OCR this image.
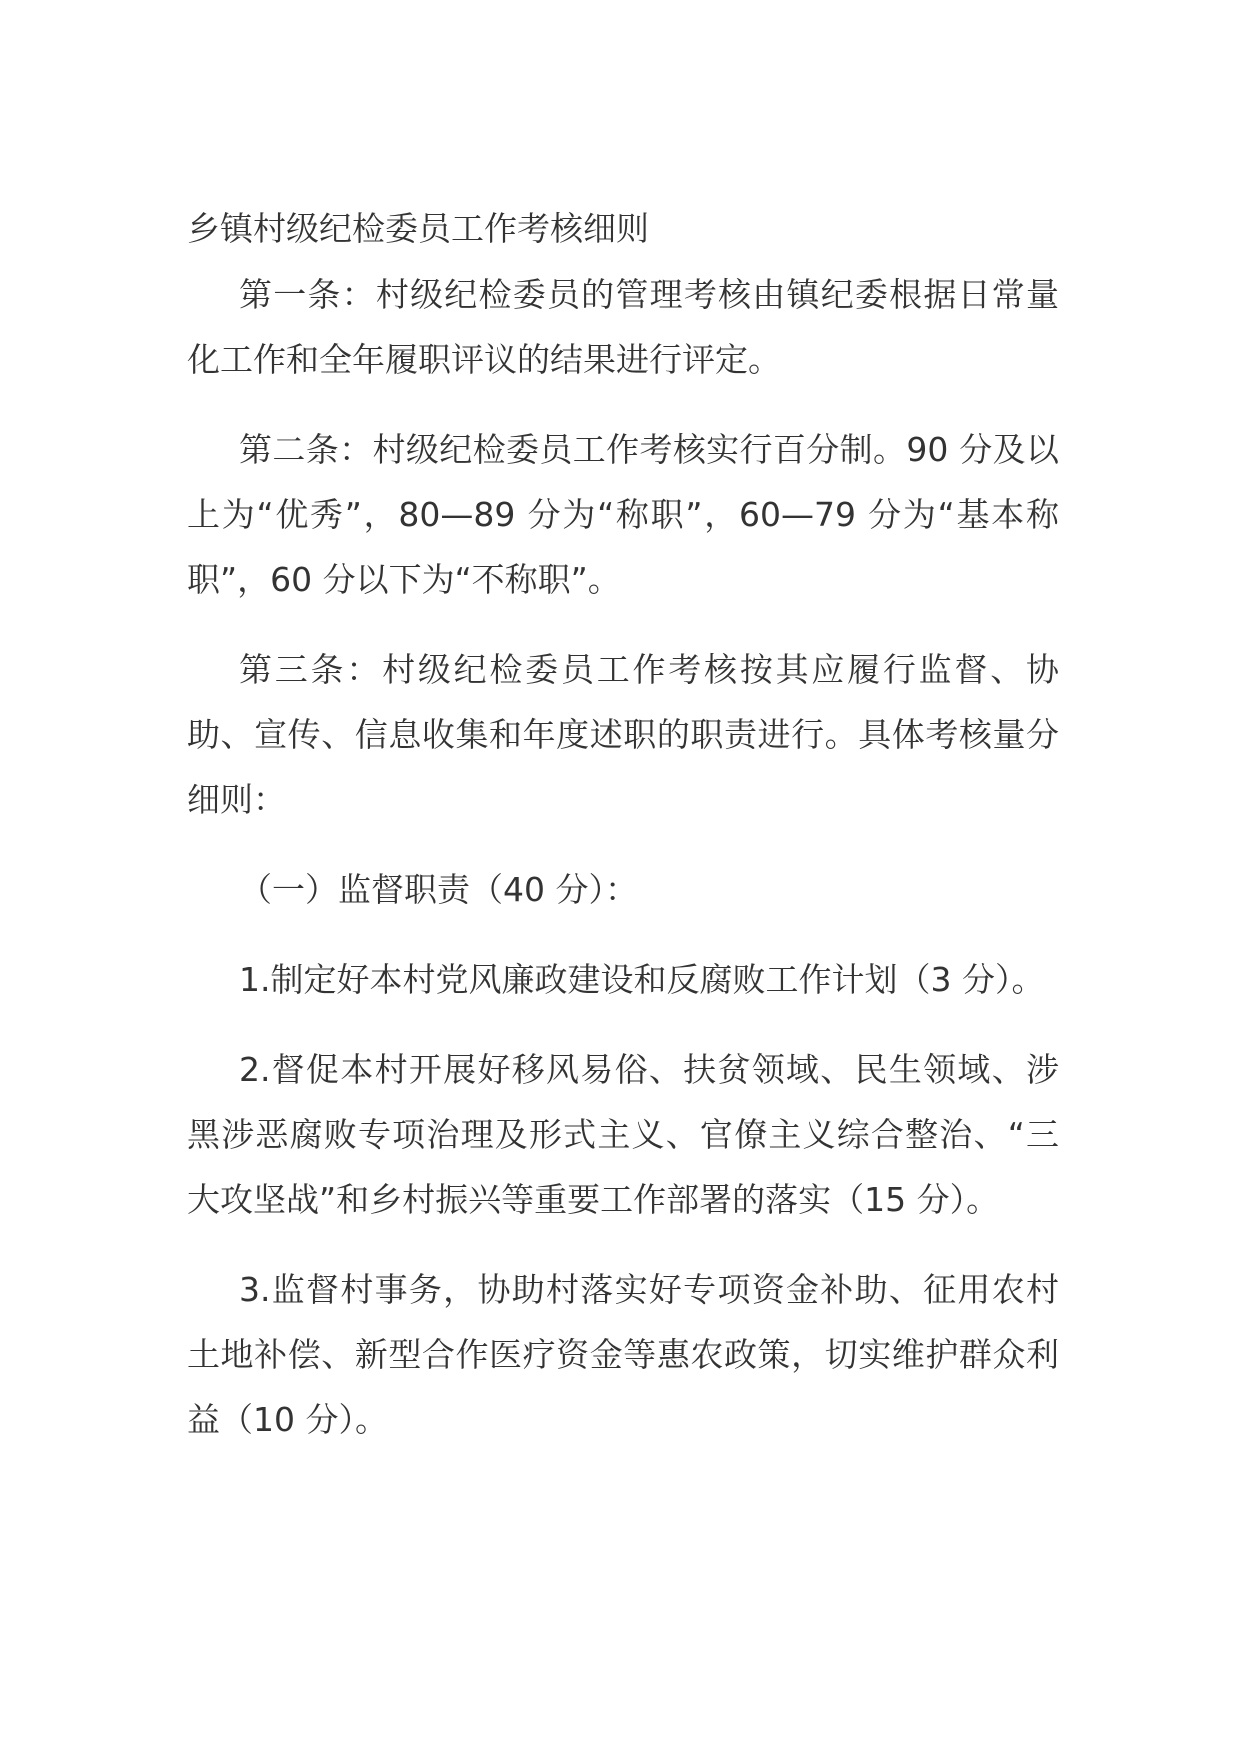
乡镇村级纪检委员工作考核细则

第一条：村级纪检委员的管理考核由镇纪委根据日常量化工作和全年履职评议的结果进行评定。

第二条：村级纪检委员工作考核实行百分制。90 分及以上为“优秀”，80—89 分为“称职”，60—79 分为“基本称职”，60 分以下为“不称职”。

第三条：村级纪检委员工作考核按其应履行监督、协助、宣传、信息收集和年度述职的职责进行。具体考核量分细则：

（一）监督职责（40 分）：

1.制定好本村党风廉政建设和反腐败工作计划（3 分）。

2.督促本村开展好移风易俗、扶贫领域、民生领域、涉黑涉恶腐败专项治理及形式主义、官僚主义综合整治、“三大攻坚战”和乡村振兴等重要工作部署的落实（15 分）。

3.监督村事务，协助村落实好专项资金补助、征用农村土地补偿、新型合作医疗资金等惠农政策，切实维护群众利益（10 分）。
